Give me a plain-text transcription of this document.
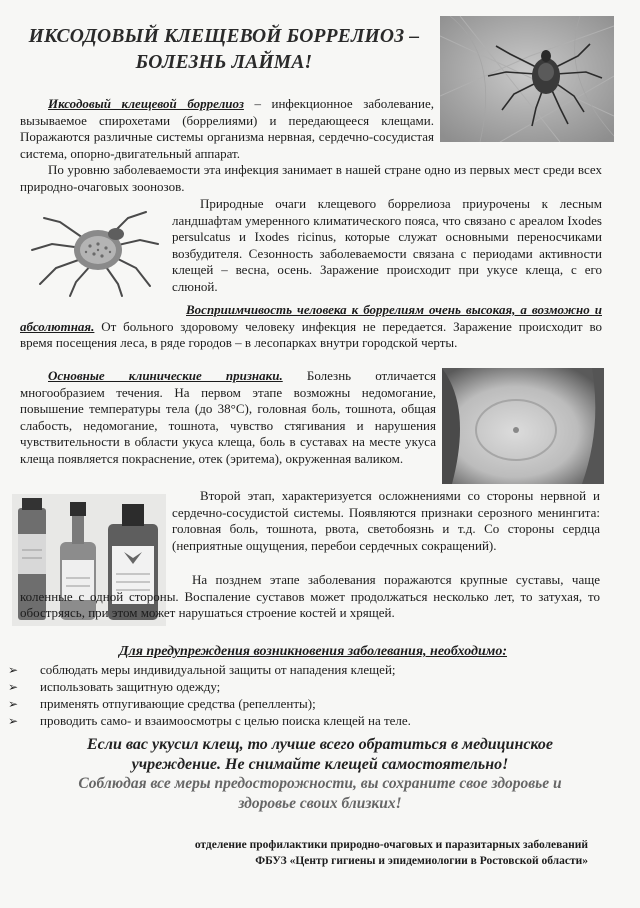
ИКСОДОВЫЙ КЛЕЩЕВОЙ БОРРЕЛИОЗ –
БОЛЕЗНЬ ЛАЙМА!

Иксодовый клещевой боррелиоз – инфекционное заболевание, вызываемое спирохетами (боррелиями) и передающееся клещами. Поражаются различные системы организма нервная, сердечно-сосудистая система, опорно-двигательный аппарат.

По уровню заболеваемости эта инфекция занимает в нашей стране одно из первых мест среди всех природно-очаговых зоонозов.

Природные очаги клещевого боррелиоза приурочены к лесным ландшафтам умеренного климатического пояса, что связано с ареалом Ixodes persulcatus и Ixodes ricinus, которые служат основными переносчиками возбудителя. Сезонность заболеваемости связана с периодами активности клещей – весна, осень. Заражение происходит при укусе клеща, с его слюной.

Восприимчивость человека к боррелиям очень высокая, а возможно и абсолютная. От больного здоровому человеку инфекция не передается. Заражение происходит во время посещения леса, в ряде городов – в лесопарках внутри городской черты.

Основные клинические признаки. Болезнь отличается многообразием течения. На первом этапе возможны недомогание, повышение температуры тела (до 38°С), головная боль, тошнота, общая слабость, недомогание, тошнота, чувство стягивания и нарушения чувствительности в области укуса клеща, боль в суставах на месте укуса клеща появляется покраснение, отек (эритема), окруженная валиком.

Второй этап, характеризуется осложнениями со стороны нервной и сердечно-сосудистой системы. Появляются признаки серозного менингита: головная боль, тошнота, рвота, светобоязнь и т.д. Со стороны сердца (неприятные ощущения, перебои сердечных сокращений).

На позднем этапе заболевания поражаются крупные суставы, чаще коленные с одной стороны. Воспаление суставов может продолжаться несколько лет, то затухая, то обостряясь, при этом может нарушаться строение костей и хрящей.

Для предупреждения возникновения заболевания, необходимо:
➢	соблюдать меры индивидуальной защиты от нападения клещей;
➢	использовать защитную одежду;
➢	применять отпугивающие средства (репелленты);
➢	проводить само- и взаимоосмотры с целью поиска клещей на теле.
Если вас укусил клещ, то лучше всего обратиться в медицинское
учреждение. Не снимайте клещей самостоятельно!
Соблюдая все меры предосторожности, вы сохраните свое здоровье и
здоровье своих близких!
отделение профилактики природно-очаговых и паразитарных заболеваний
ФБУЗ «Центр гигиены и эпидемиологии в Ростовской области»
